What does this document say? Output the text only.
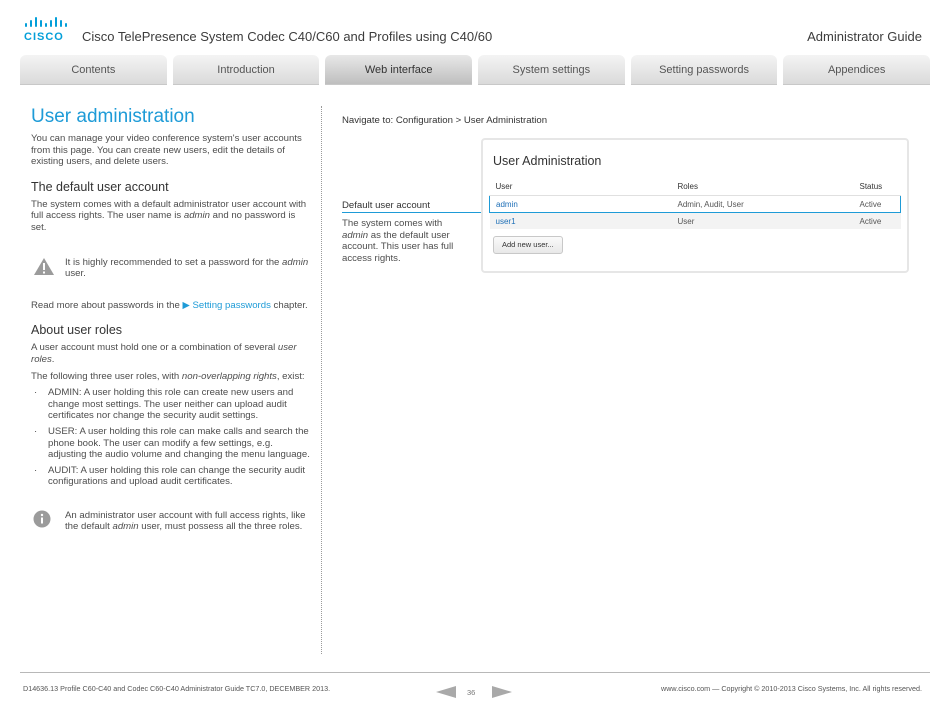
CISCO Cisco TelePresence System Codec C40/C60 and Profiles using C40/60	Administrator Guide
Contents	Introduction	Web interface	System settings	Setting passwords	Appendices
User administration

You can manage your video conference system's user accounts from this page. You can create new users, edit the details of existing users, and delete users.

The default user account

The system comes with a default administrator user account with full access rights. The user name is admin and no password is set.

It is highly recommended to set a password for the admin user.

Read more about passwords in the ▶ Setting passwords chapter.

About user roles

A user account must hold one or a combination of several user roles.

The following three user roles, with non-overlapping rights, exist:

· ADMIN: A user holding this role can create new users and change most settings. The user neither can upload audit certificates nor change the security audit settings.
· USER: A user holding this role can make calls and search the phone book. The user can modify a few settings, e.g. adjusting the audio volume and changing the menu language.
· AUDIT: A user holding this role can change the security audit configurations and upload audit certificates.

An administrator user account with full access rights, like the default admin user, must possess all the three roles.

Navigate to: Configuration > User Administration
Default user account
The system comes with admin as the default user account. This user has full access rights.
User Administration
User	Roles	Status
admin	Admin, Audit, User	Active
user1	User	Active
Add new user...
D14636.13 Profile C60-C40 and Codec C60-C40 Administrator Guide TC7.0, DECEMBER 2013.	36	www.cisco.com — Copyright © 2010-2013 Cisco Systems, Inc. All rights reserved.
